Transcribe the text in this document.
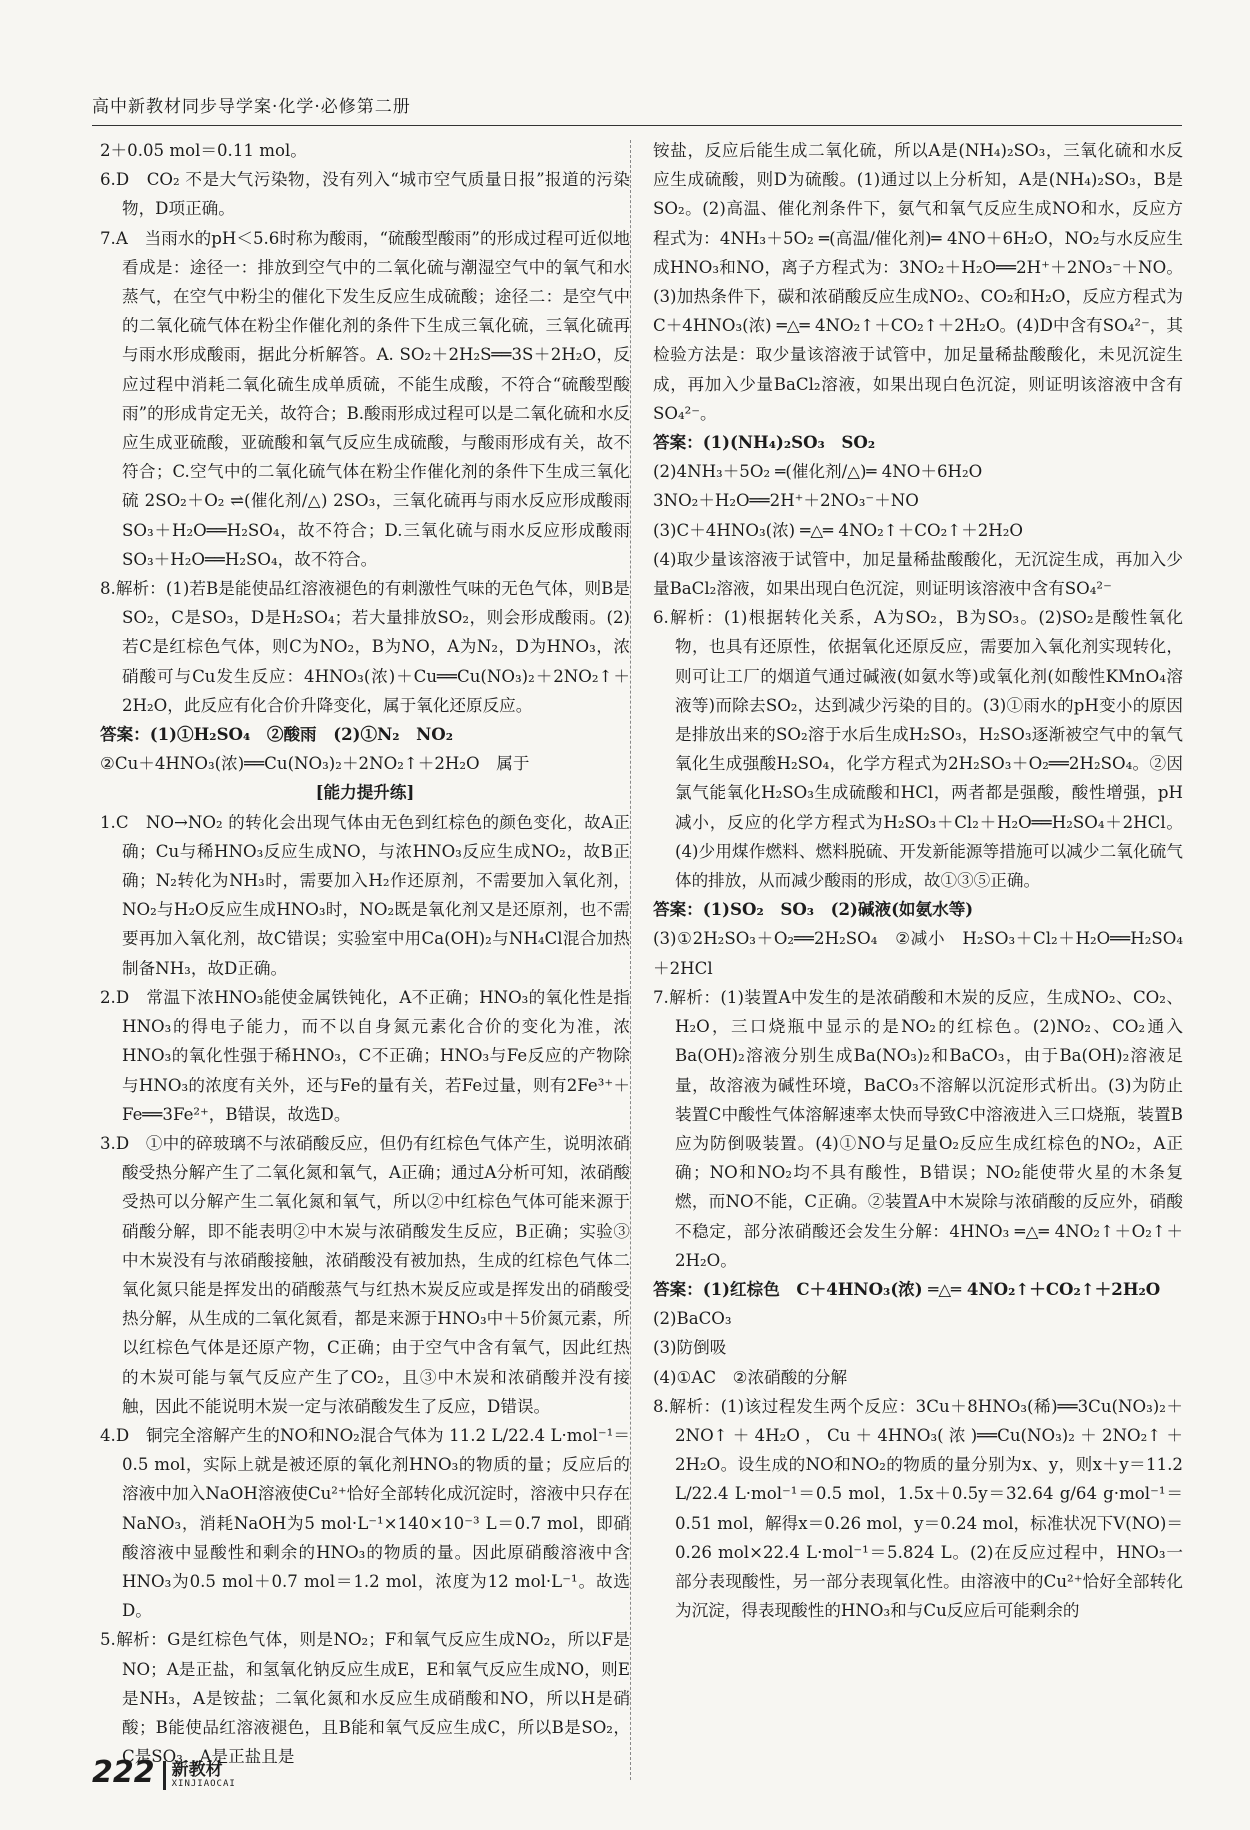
高中新教材同步导学案·化学·必修第二册

2＋0.05 mol＝0.11 mol。

6.D　CO₂ 不是大气污染物，没有列入“城市空气质量日报”报道的污染物，D项正确。

7.A　当雨水的pH＜5.6时称为酸雨，“硫酸型酸雨”的形成过程可近似地看成是：途径一：排放到空气中的二氧化硫与潮湿空气中的氧气和水蒸气，在空气中粉尘的催化下发生反应生成硫酸；途径二：是空气中的二氧化硫气体在粉尘作催化剂的条件下生成三氧化硫，三氧化硫再与雨水形成酸雨，据此分析解答。A. SO₂＋2H₂S══3S＋2H₂O，反应过程中消耗二氧化硫生成单质硫，不能生成酸，不符合“硫酸型酸雨”的形成肯定无关，故符合；B.酸雨形成过程可以是二氧化硫和水反应生成亚硫酸，亚硫酸和氧气反应生成硫酸，与酸雨形成有关，故不符合；C.空气中的二氧化硫气体在粉尘作催化剂的条件下生成三氧化硫 2SO₂＋O₂ ⇌(催化剂/△) 2SO₃，三氧化硫再与雨水反应形成酸雨 SO₃＋H₂O══H₂SO₄，故不符合；D.三氧化硫与雨水反应形成酸雨 SO₃＋H₂O══H₂SO₄，故不符合。

8.解析：(1)若B是能使品红溶液褪色的有刺激性气味的无色气体，则B是SO₂，C是SO₃，D是H₂SO₄；若大量排放SO₂，则会形成酸雨。(2)若C是红棕色气体，则C为NO₂，B为NO，A为N₂，D为HNO₃，浓硝酸可与Cu发生反应：4HNO₃(浓)＋Cu══Cu(NO₃)₂＋2NO₂↑＋2H₂O，此反应有化合价升降变化，属于氧化还原反应。

答案：(1)①H₂SO₄　②酸雨　(2)①N₂　NO₂

②Cu＋4HNO₃(浓)══Cu(NO₃)₂＋2NO₂↑＋2H₂O　属于

[能力提升练]

1.C　NO→NO₂ 的转化会出现气体由无色到红棕色的颜色变化，故A正确；Cu与稀HNO₃反应生成NO，与浓HNO₃反应生成NO₂，故B正确；N₂转化为NH₃时，需要加入H₂作还原剂，不需要加入氧化剂，NO₂与H₂O反应生成HNO₃时，NO₂既是氧化剂又是还原剂，也不需要再加入氧化剂，故C错误；实验室中用Ca(OH)₂与NH₄Cl混合加热制备NH₃，故D正确。

2.D　常温下浓HNO₃能使金属铁钝化，A不正确；HNO₃的氧化性是指HNO₃的得电子能力，而不以自身氮元素化合价的变化为准，浓HNO₃的氧化性强于稀HNO₃，C不正确；HNO₃与Fe反应的产物除与HNO₃的浓度有关外，还与Fe的量有关，若Fe过量，则有2Fe³⁺＋Fe══3Fe²⁺，B错误，故选D。

3.D　①中的碎玻璃不与浓硝酸反应，但仍有红棕色气体产生，说明浓硝酸受热分解产生了二氧化氮和氧气，A正确；通过A分析可知，浓硝酸受热可以分解产生二氧化氮和氧气，所以②中红棕色气体可能来源于硝酸分解，即不能表明②中木炭与浓硝酸发生反应，B正确；实验③中木炭没有与浓硝酸接触，浓硝酸没有被加热，生成的红棕色气体二氧化氮只能是挥发出的硝酸蒸气与红热木炭反应或是挥发出的硝酸受热分解，从生成的二氧化氮看，都是来源于HNO₃中＋5价氮元素，所以红棕色气体是还原产物，C正确；由于空气中含有氧气，因此红热的木炭可能与氧气反应产生了CO₂，且③中木炭和浓硝酸并没有接触，因此不能说明木炭一定与浓硝酸发生了反应，D错误。

4.D　铜完全溶解产生的NO和NO₂混合气体为 11.2 L/22.4 L·mol⁻¹＝0.5 mol，实际上就是被还原的氧化剂HNO₃的物质的量；反应后的溶液中加入NaOH溶液使Cu²⁺恰好全部转化成沉淀时，溶液中只存在NaNO₃，消耗NaOH为5 mol·L⁻¹×140×10⁻³ L＝0.7 mol，即硝酸溶液中显酸性和剩余的HNO₃的物质的量。因此原硝酸溶液中含HNO₃为0.5 mol＋0.7 mol＝1.2 mol，浓度为12 mol·L⁻¹。故选D。

5.解析：G是红棕色气体，则是NO₂；F和氧气反应生成NO₂，所以F是NO；A是正盐，和氢氧化钠反应生成E，E和氧气反应生成NO，则E是NH₃，A是铵盐；二氧化氮和水反应生成硝酸和NO，所以H是硝酸；B能使品红溶液褪色，且B能和氧气反应生成C，所以B是SO₂，C是SO₃，A是正盐且是

铵盐，反应后能生成二氧化硫，所以A是(NH₄)₂SO₃，三氧化硫和水反应生成硫酸，则D为硫酸。(1)通过以上分析知，A是(NH₄)₂SO₃，B是SO₂。(2)高温、催化剂条件下，氨气和氧气反应生成NO和水，反应方程式为：4NH₃＋5O₂ ═(高温/催化剂)═ 4NO＋6H₂O，NO₂与水反应生成HNO₃和NO，离子方程式为：3NO₂＋H₂O══2H⁺＋2NO₃⁻＋NO。(3)加热条件下，碳和浓硝酸反应生成NO₂、CO₂和H₂O，反应方程式为C＋4HNO₃(浓) ═△═ 4NO₂↑＋CO₂↑＋2H₂O。(4)D中含有SO₄²⁻，其检验方法是：取少量该溶液于试管中，加足量稀盐酸酸化，未见沉淀生成，再加入少量BaCl₂溶液，如果出现白色沉淀，则证明该溶液中含有SO₄²⁻。

答案：(1)(NH₄)₂SO₃　SO₂

(2)4NH₃＋5O₂ ═(催化剂/△)═ 4NO＋6H₂O

3NO₂＋H₂O══2H⁺＋2NO₃⁻＋NO

(3)C＋4HNO₃(浓) ═△═ 4NO₂↑＋CO₂↑＋2H₂O

(4)取少量该溶液于试管中，加足量稀盐酸酸化，无沉淀生成，再加入少量BaCl₂溶液，如果出现白色沉淀，则证明该溶液中含有SO₄²⁻

6.解析：(1)根据转化关系，A为SO₂，B为SO₃。(2)SO₂是酸性氧化物，也具有还原性，依据氧化还原反应，需要加入氧化剂实现转化，则可让工厂的烟道气通过碱液(如氨水等)或氧化剂(如酸性KMnO₄溶液等)而除去SO₂，达到减少污染的目的。(3)①雨水的pH变小的原因是排放出来的SO₂溶于水后生成H₂SO₃，H₂SO₃逐渐被空气中的氧气氧化生成强酸H₂SO₄，化学方程式为2H₂SO₃＋O₂══2H₂SO₄。②因氯气能氧化H₂SO₃生成硫酸和HCl，两者都是强酸，酸性增强，pH减小，反应的化学方程式为H₂SO₃＋Cl₂＋H₂O══H₂SO₄＋2HCl。(4)少用煤作燃料、燃料脱硫、开发新能源等措施可以减少二氧化硫气体的排放，从而减少酸雨的形成，故①③⑤正确。

答案：(1)SO₂　SO₃　(2)碱液(如氨水等)

(3)①2H₂SO₃＋O₂══2H₂SO₄　②减小　H₂SO₃＋Cl₂＋H₂O══H₂SO₄＋2HCl

7.解析：(1)装置A中发生的是浓硝酸和木炭的反应，生成NO₂、CO₂、H₂O，三口烧瓶中显示的是NO₂的红棕色。(2)NO₂、CO₂通入Ba(OH)₂溶液分别生成Ba(NO₃)₂和BaCO₃，由于Ba(OH)₂溶液足量，故溶液为碱性环境，BaCO₃不溶解以沉淀形式析出。(3)为防止装置C中酸性气体溶解速率太快而导致C中溶液进入三口烧瓶，装置B应为防倒吸装置。(4)①NO与足量O₂反应生成红棕色的NO₂，A正确；NO和NO₂均不具有酸性，B错误；NO₂能使带火星的木条复燃，而NO不能，C正确。②装置A中木炭除与浓硝酸的反应外，硝酸不稳定，部分浓硝酸还会发生分解：4HNO₃ ═△═ 4NO₂↑＋O₂↑＋2H₂O。

答案：(1)红棕色　C＋4HNO₃(浓) ═△═ 4NO₂↑＋CO₂↑＋2H₂O

(2)BaCO₃

(3)防倒吸

(4)①AC　②浓硝酸的分解

8.解析：(1)该过程发生两个反应：3Cu＋8HNO₃(稀)══3Cu(NO₃)₂＋2NO↑＋4H₂O，Cu＋4HNO₃(浓)══Cu(NO₃)₂＋2NO₂↑＋2H₂O。设生成的NO和NO₂的物质的量分别为x、y，则x＋y＝11.2 L/22.4 L·mol⁻¹＝0.5 mol，1.5x＋0.5y＝32.64 g/64 g·mol⁻¹＝0.51 mol，解得x＝0.26 mol，y＝0.24 mol，标准状况下V(NO)＝0.26 mol×22.4 L·mol⁻¹＝5.824 L。(2)在反应过程中，HNO₃一部分表现酸性，另一部分表现氧化性。由溶液中的Cu²⁺恰好全部转化为沉淀，得表现酸性的HNO₃和与Cu反应后可能剩余的

222 新教材
XINJIAOCAI
